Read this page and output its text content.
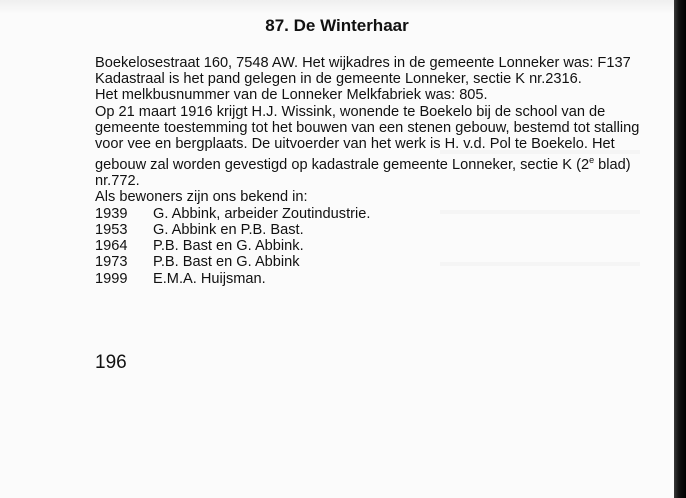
87. De Winterhaar

Boekelosestraat 160, 7548 AW. Het wijkadres in de gemeente Lonneker was: F137

Kadastraal is het pand gelegen in de gemeente Lonneker, sectie K nr.2316.

Het melkbusnummer van de Lonneker Melkfabriek was: 805.

Op 21 maart 1916 krijgt H.J. Wissink, wonende te Boekelo bij de school van de gemeente toestemming tot het bouwen van een stenen gebouw, bestemd tot stalling voor vee en bergplaats. De uitvoerder van het werk is H. v.d. Pol te Boekelo. Het gebouw zal worden gevestigd op kadastrale gemeente Lonneker, sectie K (2e blad) nr.772.

Als bewoners zijn ons bekend in:

1939	G. Abbink, arbeider Zoutindustrie.
1953	G. Abbink en P.B. Bast.
1964	P.B. Bast en G. Abbink.
1973	P.B. Bast en G. Abbink
1999	E.M.A. Huijsman.
196
